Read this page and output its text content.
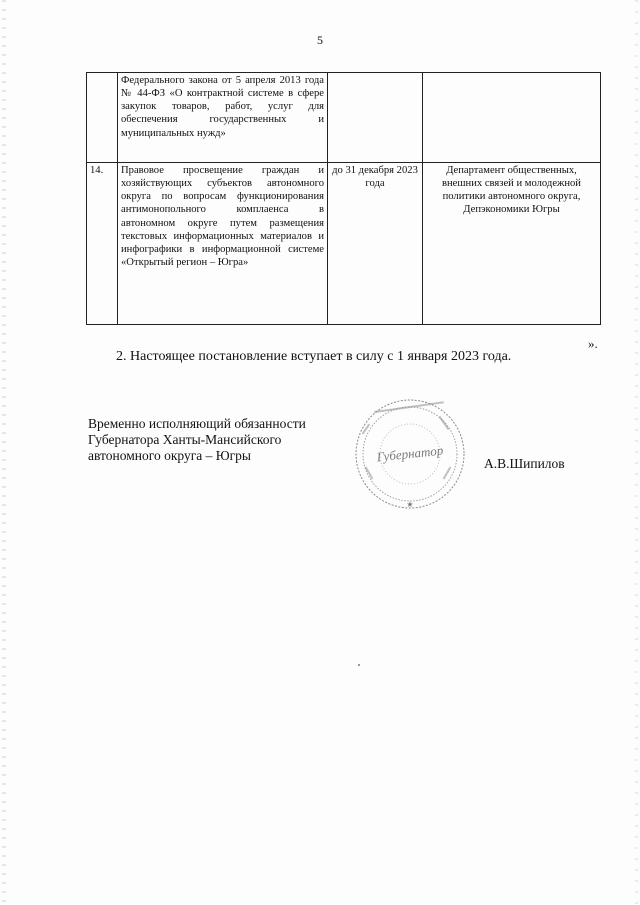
5

	Федерального закона от 5 апреля 2013 года № 44-ФЗ «О контрактной системе в сфере закупок товаров, работ, услуг для обеспечения государственных и муниципальных нужд»		

14.	Правовое просвещение граждан и хозяйствующих субъектов автономного округа по вопросам функционирования антимонопольного комплаенса в автономном округе путем размещения текстовых информационных материалов и инфографики в информационной системе «Открытый регион – Югра»	до 31 декабря 2023 года	Департамент общественных, внешних связей и молодежной политики автономного округа, Депэкономики Югры
».
2. Настоящее постановление вступает в силу с 1 января 2023 года.
Временно исполняющий обязанности
Губернатора Ханты-Мансийского
автономного округа – Югры	Губернатор
★
А.В.Шипилов
